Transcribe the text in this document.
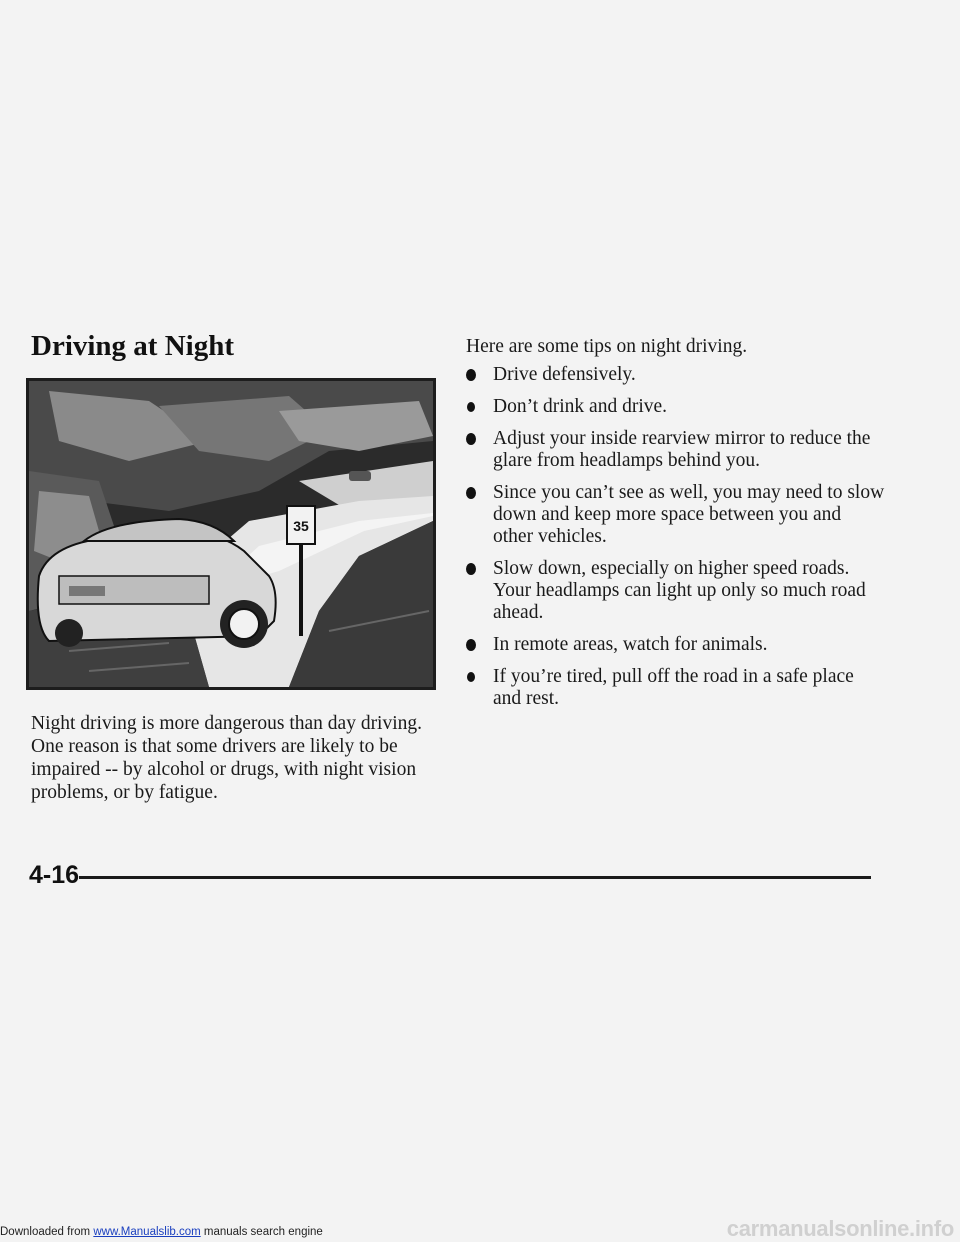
Driving at Night
35

Night driving is more dangerous than day driving. One reason is that some drivers are likely to be impaired -- by alcohol or drugs, with night vision problems, or by fatigue.

Here are some tips on night driving.

Drive defensively.
Don’t drink and drive.
Adjust your inside rearview mirror to reduce the glare from headlamps behind you.
Since you can’t see as well, you may need to slow down and keep more space between you and other vehicles.
Slow down, especially on higher speed roads. Your headlamps can light up only so much road ahead.
In remote areas, watch for animals.
If you’re tired, pull off the road in a safe place and rest.
4-16
Downloaded from www.Manualslib.com manuals search engine	carmanualsonline.info
